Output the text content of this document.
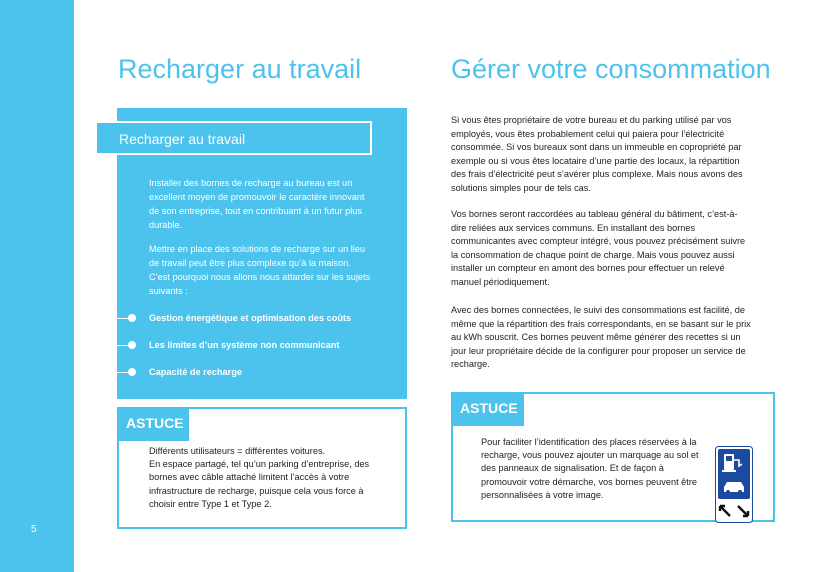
5
Recharger au travail	Gérer votre consommation
Recharger au travail
Installer des bornes de recharge au bureau est un excellent moyen de promouvoir le caractère innovant de son entreprise, tout en contribuant à un futur plus durable.
Mettre en place des solutions de recharge sur un lieu de travail peut être plus complexe qu’à la maison. C’est pourquoi nous allons nous attarder sur les sujets suivants :
Gestion énergétique et optimisation des coûts
Les limites d’un système non communicant
Capacité de recharge
ASTUCE
Différents utilisateurs = différentes voitures.
En espace partagé, tel qu’un parking d’entreprise, des bornes avec câble attaché limitent l’accès à votre infrastructure de recharge, puisque cela vous force à choisir entre Type 1 et Type 2.
Si vous êtes propriétaire de votre bureau et du parking utilisé par vos employés, vous êtes probablement celui qui paiera pour l’électricité consommée. Si vos bureaux sont dans un immeuble en copropriété par exemple ou si vous êtes locataire d’une partie des locaux, la répartition des frais d’électricité peut s’avérer plus complexe. Mais nous avons des solutions simples pour de tels cas.
Vos bornes seront raccordées au tableau général du bâtiment, c’est-à-dire reliées aux services communs. En installant des bornes communicantes avec compteur intégré, vous pouvez précisément suivre la consommation de chaque point de charge. Mais vous pouvez aussi installer un compteur en amont des bornes pour effectuer un relevé manuel périodiquement.
Avec des bornes connectées, le suivi des consommations est facilité, de même que la répartition des frais correspondants, en se basant sur le prix au kWh souscrit. Ces bornes peuvent même générer des recettes si un jour leur propriétaire décide de la configurer pour proposer un service de recharge.
ASTUCE
Pour faciliter l’identification des places réservées à la recharge, vous pouvez ajouter un marquage au sol et des panneaux de signalisation. Et de façon à promouvoir votre démarche, vos bornes peuvent être personnalisées à votre image.
